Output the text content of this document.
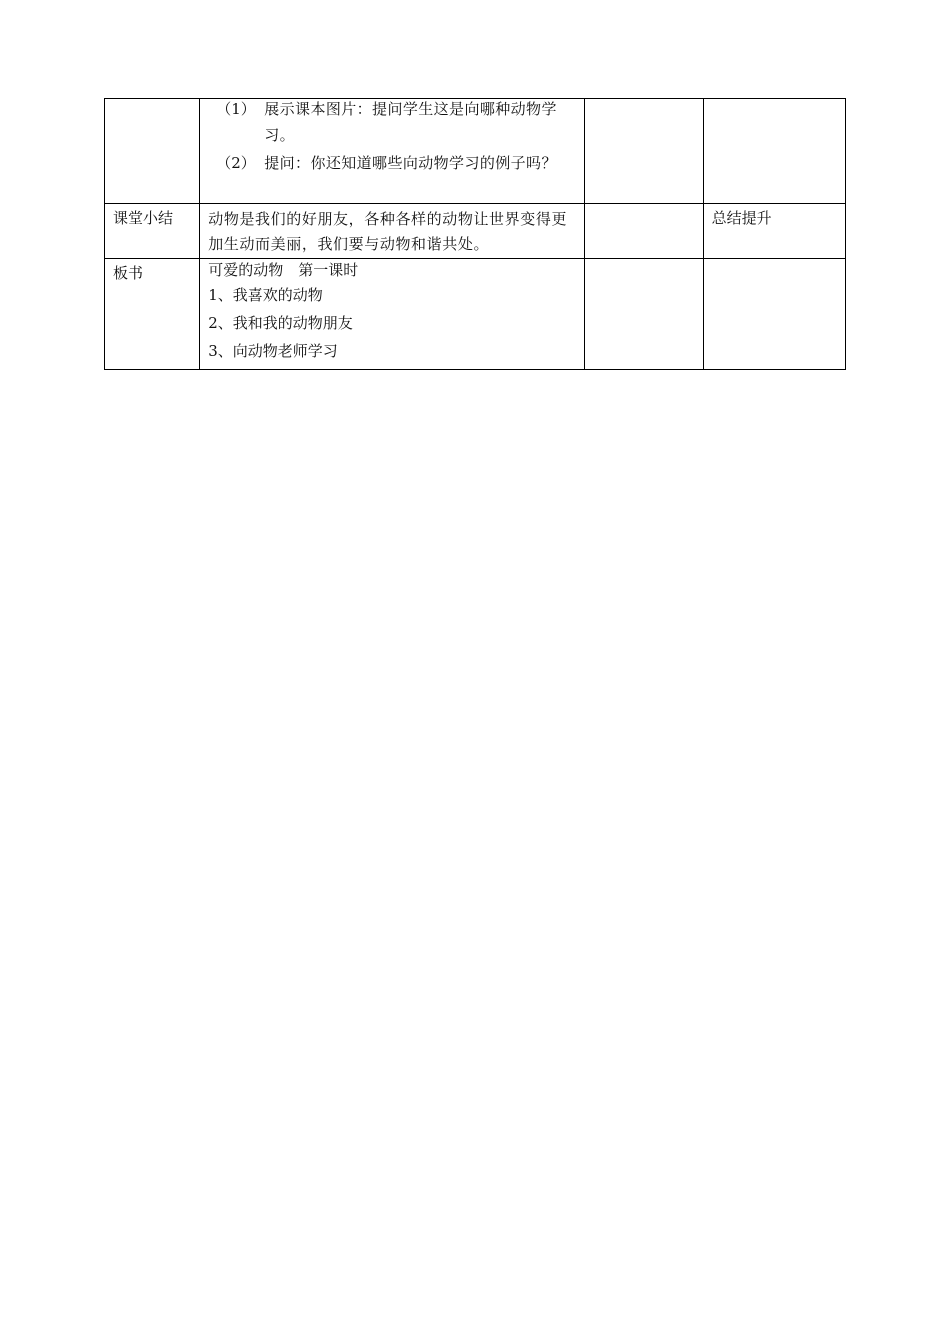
	（1） 展示课本图片：提问学生这是向哪种动物学习。
（2） 提问：你还知道哪些向动物学习的例子吗？		

课堂小结	动物是我们的好朋友，各种各样的动物让世界变得更加生动而美丽，我们要与动物和谐共处。		总结提升

板书	可爱的动物　第一课时
1、我喜欢的动物
2、我和我的动物朋友
3、向动物老师学习		
